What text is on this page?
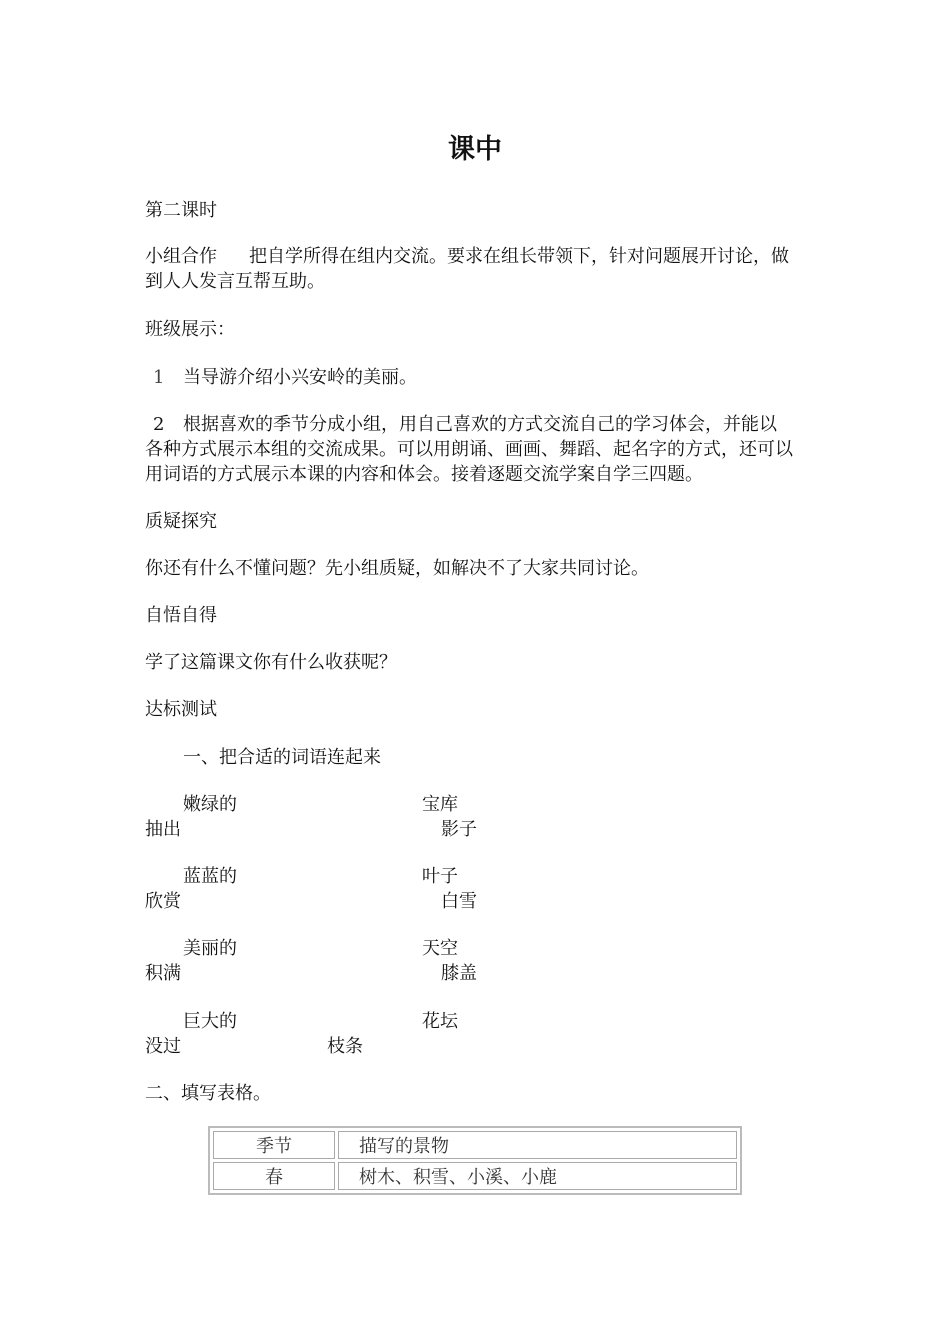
课中
第二课时
小组合作 把自学所得在组内交流。要求在组长带领下，针对问题展开讨论，做
到人人发言互帮互助。
班级展示：
1 当导游介绍小兴安岭的美丽。
2 根据喜欢的季节分成小组，用自己喜欢的方式交流自己的学习体会，并能以
各种方式展示本组的交流成果。可以用朗诵、画画、舞蹈、起名字的方式，还可以
用词语的方式展示本课的内容和体会。接着逐题交流学案自学三四题。
质疑探究
你还有什么不懂问题？先小组质疑，如解决不了大家共同讨论。
自悟自得
学了这篇课文你有什么收获呢？
达标测试
一、把合适的词语连起来
嫩绿的	宝库
抽出	影子
蓝蓝的	叶子
欣赏	白雪
美丽的	天空
积满	膝盖
巨大的	花坛
没过	枝条
二、填写表格。
季节	描写的景物
春	树木、积雪、小溪、小鹿
